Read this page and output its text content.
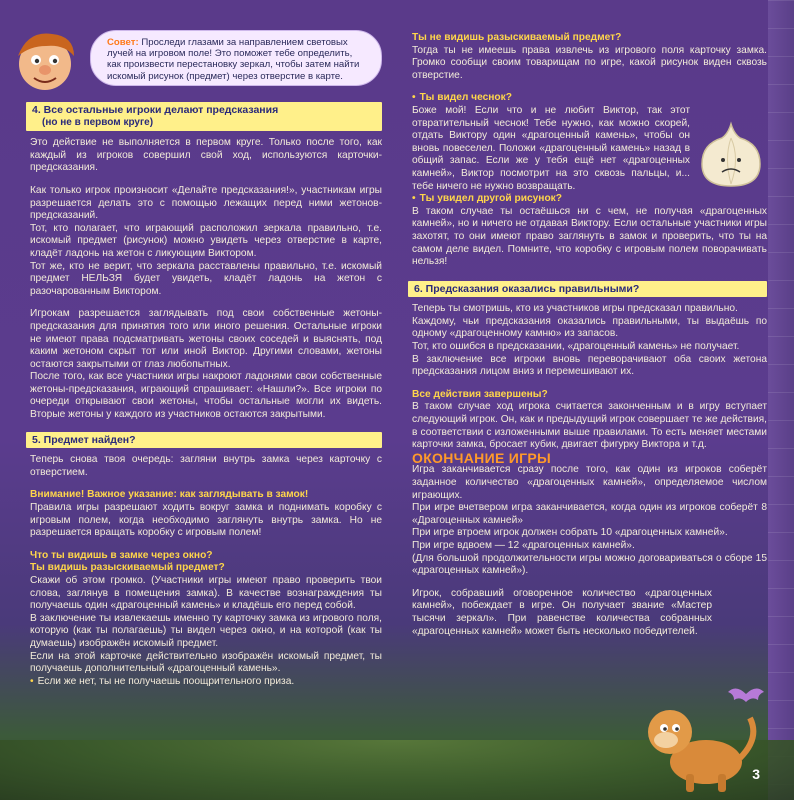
Совет: Проследи глазами за направлением световых лучей на игровом поле! Это поможет тебе определить, как произвести перестановку зеркал, чтобы затем найти искомый рисунок (предмет) через отверстие в карте.
4. Все остальные игроки делают предсказания
(но не в первом круге)

Это действие не выполняется в первом круге. Только после того, как каждый из игроков совершил свой ход, используются карточки-предсказания.

Как только игрок произносит «Делайте предсказания!», участникам игры разрешается делать это с помощью лежащих перед ними жетонов-предсказаний.

Тот, кто полагает, что играющий расположил зеркала правильно, т.е. искомый предмет (рисунок) можно увидеть через отверстие в карте, кладёт ладонь на жетон с ликующим Виктором.

Тот же, кто не верит, что зеркала расставлены правильно, т.е. искомый предмет НЕЛЬЗЯ будет увидеть, кладёт ладонь на жетон с разочарованным Виктором.

Игрокам разрешается заглядывать под свои собственные жетоны-предсказания для принятия того или иного решения. Остальные игроки не имеют права подсматривать жетоны своих соседей и выяснять, под каким жетоном скрыт тот или иной Виктор. Другими словами, жетоны остаются закрытыми от глаз любопытных.

После того, как все участники игры накроют ладонями свои собственные жетоны-предсказания, играющий спрашивает: «Нашли?». Все игроки по очереди открывают свои жетоны, чтобы остальные могли их видеть. Вторые жетоны у каждого из участников остаются закрытыми.

5. Предмет найден?

Теперь снова твоя очередь: загляни внутрь замка через карточку с отверстием.

Внимание! Важное указание: как заглядывать в замок!

Правила игры разрешают ходить вокруг замка и поднимать коробку с игровым полем, когда необходимо заглянуть внутрь замка. Но не разрешается вращать коробку с игровым полем!

Что ты видишь в замке через окно?

Ты видишь разыскиваемый предмет?

Скажи об этом громко. (Участники игры имеют право проверить твои слова, заглянув в помещения замка). В качестве вознаграждения ты получаешь один «драгоценный камень» и кладёшь его перед собой.

В заключение ты извлекаешь именно ту карточку замка из игрового поля, которую (как ты полагаешь) ты видел через окно, и на которой (как ты думаешь) изображён искомый предмет.

Если на этой карточке действительно изображён искомый предмет, ты получаешь дополнительный «драгоценный камень».

• Если же нет, ты не получаешь поощрительного приза.

Ты не видишь разыскиваемый предмет?

Тогда ты не имеешь права извлечь из игрового поля карточку замка. Громко сообщи своим товарищам по игре, какой рисунок виден сквозь отверстие.

• Ты видел чеснок?

Боже мой! Если что и не любит Виктор, так этот отвратительный чеснок! Тебе нужно, как можно скорей, отдать Виктору один «драгоценный камень», чтобы он вновь повеселел. Положи «драгоценный камень» назад в общий запас. Если же у тебя ещё нет «драгоценных камней», Виктор посмотрит на это сквозь пальцы, и... тебе ничего не нужно возвращать.

• Ты увидел другой рисунок?

В таком случае ты остаёшься ни с чем, не получая «драгоценных камней», но и ничего не отдавая Виктору. Если остальные участники игры захотят, то они имеют право заглянуть в замок и проверить, что ты на самом деле видел. Помните, что коробку с игровым полем поворачивать нельзя!

6. Предсказания оказались правильными?

Теперь ты смотришь, кто из участников игры предсказал правильно.

Каждому, чьи предсказания оказались правильными, ты выдаёшь по одному «драгоценному камню» из запасов.

Тот, кто ошибся в предсказании, «драгоценный камень» не получает.

В заключение все игроки вновь переворачивают оба своих жетона предсказания лицом вниз и перемешивают их.

Все действия завершены?

В таком случае ход игрока считается законченным и в игру вступает следующий игрок. Он, как и предыдущий игрок совершает те же действия, в соответствии с изложенными выше правилами. То есть меняет местами карточки замка, бросает кубик, двигает фигурку Виктора и т.д.

ОКОНЧАНИЕ ИГРЫ

Игра заканчивается сразу после того, как один из игроков соберёт заданное количество «драгоценных камней», определяемое числом играющих.

При игре вчетвером игра заканчивается, когда один из игроков соберёт 8 «Драгоценных камней»

При игре втроем игрок должен собрать 10 «драгоценных камней».

При игре вдвоем — 12 «драгоценных камней».

(Для большой продолжительности игры можно договариваться о сборе 15 «драгоценных камней»).

Игрок, собравший оговоренное количество «драгоценных камней», побеждает в игре. Он получает звание «Мастер тысячи зеркал». При равенстве количества собранных «драгоценных камней» может быть несколько победителей.

3
